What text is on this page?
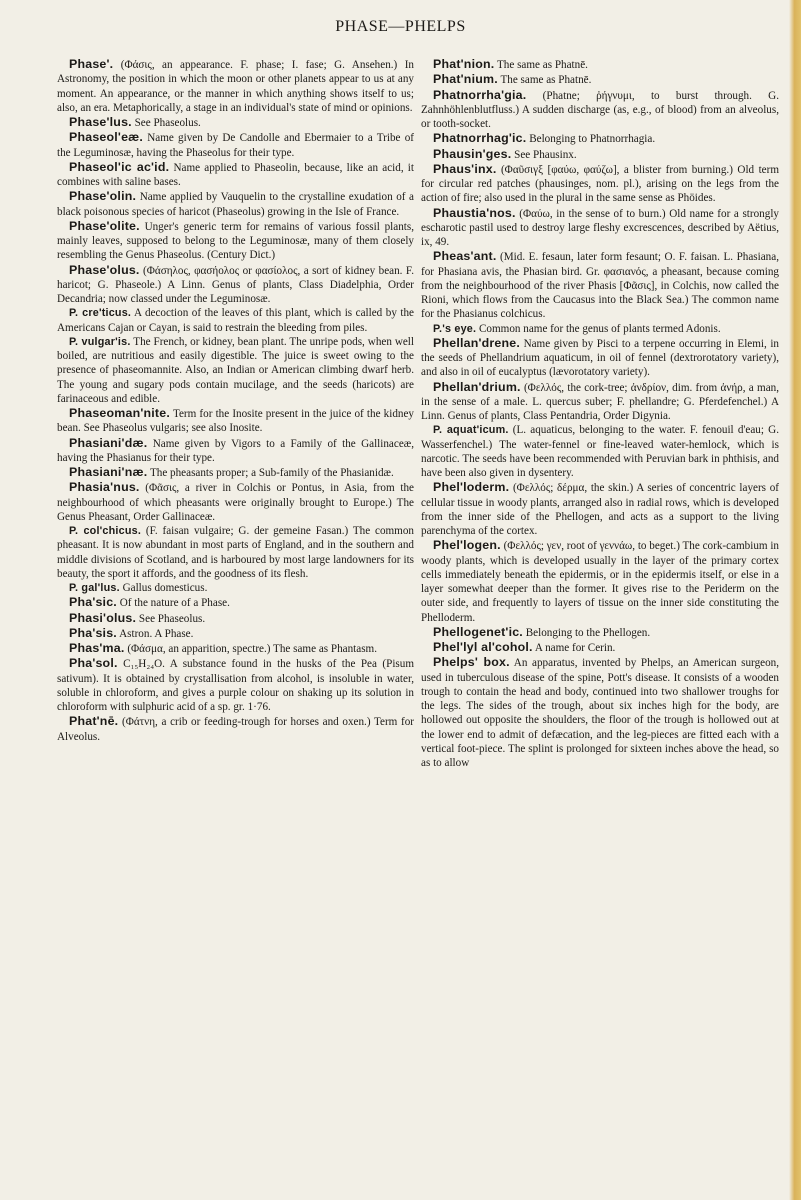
PHASE—PHELPS

Phase'. (Φάσις, an appearance. F. phase; I. fase; G. Ansehen.) In Astronomy, the position in which the moon or other planets appear to us at any moment. An appearance, or the manner in which anything shows itself to us; also, an era. Metaphorically, a stage in an individual's state of mind or opinions.

Phase'lus. See Phaseolus.

Phaseol'eæ. Name given by De Candolle and Ebermaier to a Tribe of the Leguminosæ, having the Phaseolus for their type.

Phaseol'ic ac'id. Name applied to Phaseolin, because, like an acid, it combines with saline bases.

Phase'olin. Name applied by Vauquelin to the crystalline exudation of a black poisonous species of haricot (Phaseolus) growing in the Isle of France.

Phase'olite. Unger's generic term for remains of various fossil plants, mainly leaves, supposed to belong to the Leguminosæ, many of them closely resembling the Genus Phaseolus. (Century Dict.)

Phase'olus. (Φάσηλος, φασήολος or φασίολος, a sort of kidney bean. F. haricot; G. Phaseole.) A Linn. Genus of plants, Class Diadelphia, Order Decandria; now classed under the Leguminosæ.

P. cre'ticus. A decoction of the leaves of this plant, which is called by the Americans Cajan or Cayan, is said to restrain the bleeding from piles.

P. vulgar'is. The French, or kidney, bean plant. The unripe pods, when well boiled, are nutritious and easily digestible. The juice is sweet owing to the presence of phaseomannite. Also, an Indian or American climbing dwarf herb. The young and sugary pods contain mucilage, and the seeds (haricots) are farinaceous and edible.

Phaseoman'nite. Term for the Inosite present in the juice of the kidney bean. See Phaseolus vulgaris; see also Inosite.

Phasiani'dæ. Name given by Vigors to a Family of the Gallinaceæ, having the Phasianus for their type.

Phasiani'næ. The pheasants proper; a Sub-family of the Phasianidæ.

Phasia'nus. (Φᾶσις, a river in Colchis or Pontus, in Asia, from the neighbourhood of which pheasants were originally brought to Europe.) The Genus Pheasant, Order Gallinaceæ.

P. col'chicus. (F. faisan vulgaire; G. der gemeine Fasan.) The common pheasant. It is now abundant in most parts of England, and in the southern and middle divisions of Scotland, and is harboured by most large landowners for its beauty, the sport it affords, and the goodness of its flesh.

P. gal'lus. Gallus domesticus.

Pha'sic. Of the nature of a Phase.

Phasi'olus. See Phaseolus.

Pha'sis. Astron. A Phase.

Phas'ma. (Φάσμα, an apparition, spectre.) The same as Phantasm.

Pha'sol. C₁₅H₂₄O. A substance found in the husks of the Pea (Pisum sativum). It is obtained by crystallisation from alcohol, is insoluble in water, soluble in chloroform, and gives a purple colour on shaking up its solution in chloroform with sulphuric acid of a sp. gr. 1·76.

Phat'nē. (Φάτνη, a crib or feeding-trough for horses and oxen.) Term for Alveolus.

Phat'nion. The same as Phatnē.

Phat'nium. The same as Phatnē.

Phatnorrha'gia. (Phatne; ῥήγνυμι, to burst through. G. Zahnhöhlenblutfluss.) A sudden discharge (as, e.g., of blood) from an alveolus, or tooth-socket.

Phatnorrhag'ic. Belonging to Phatnorrhagia.

Phausin'ges. See Phausinx.

Phaus'inx. (Φαῦσιγξ [φαύω, φαύζω], a blister from burning.) Old term for circular red patches (phausinges, nom. pl.), arising on the legs from the action of fire; also used in the plural in the same sense as Phöides.

Phaustia'nos. (Φαύω, in the sense of to burn.) Old name for a strongly escharotic pastil used to destroy large fleshy excrescences, described by Aëtius, ix, 49.

Pheas'ant. (Mid. E. fesaun, later form fesaunt; O. F. faisan. L. Phasiana, for Phasiana avis, the Phasian bird. Gr. φασιανός, a pheasant, because coming from the neighbourhood of the river Phasis [Φᾶσις], in Colchis, now called the Rioni, which flows from the Caucasus into the Black Sea.) The common name for the Phasianus colchicus.

P.'s eye. Common name for the genus of plants termed Adonis.

Phellan'drene. Name given by Pisci to a terpene occurring in Elemi, in the seeds of Phellandrium aquaticum, in oil of fennel (dextrorotatory variety), and also in oil of eucalyptus (lævorotatory variety).

Phellan'drium. (Φελλός, the cork-tree; ἀνδρίον, dim. from ἀνήρ, a man, in the sense of a male. L. quercus suber; F. phellandre; G. Pferdefenchel.) A Linn. Genus of plants, Class Pentandria, Order Digynia.

P. aquat'icum. (L. aquaticus, belonging to the water. F. fenouil d'eau; G. Wasserfenchel.) The water-fennel or fine-leaved water-hemlock, which is narcotic. The seeds have been recommended with Peruvian bark in phthisis, and have been also given in dysentery.

Phel'loderm. (Φελλός; δέρμα, the skin.) A series of concentric layers of cellular tissue in woody plants, arranged also in radial rows, which is developed from the inner side of the Phellogen, and acts as a support to the living parenchyma of the cortex.

Phel'logen. (Φελλός; γεν, root of γεννάω, to beget.) The cork-cambium in woody plants, which is developed usually in the layer of the primary cortex cells immediately beneath the epidermis, or in the epidermis itself, or else in a layer somewhat deeper than the former. It gives rise to the Periderm on the outer side, and frequently to layers of tissue on the inner side constituting the Phelloderm.

Phellogenet'ic. Belonging to the Phellogen.

Phel'lyl al'cohol. A name for Cerin.

Phelps' box. An apparatus, invented by Phelps, an American surgeon, used in tuberculous disease of the spine, Pott's disease. It consists of a wooden trough to contain the head and body, continued into two shallower troughs for the legs. The sides of the trough, about six inches high for the body, are hollowed out opposite the shoulders, the floor of the trough is hollowed out at the lower end to admit of defæcation, and the leg-pieces are fitted each with a vertical foot-piece. The splint is prolonged for sixteen inches above the head, so as to allow
